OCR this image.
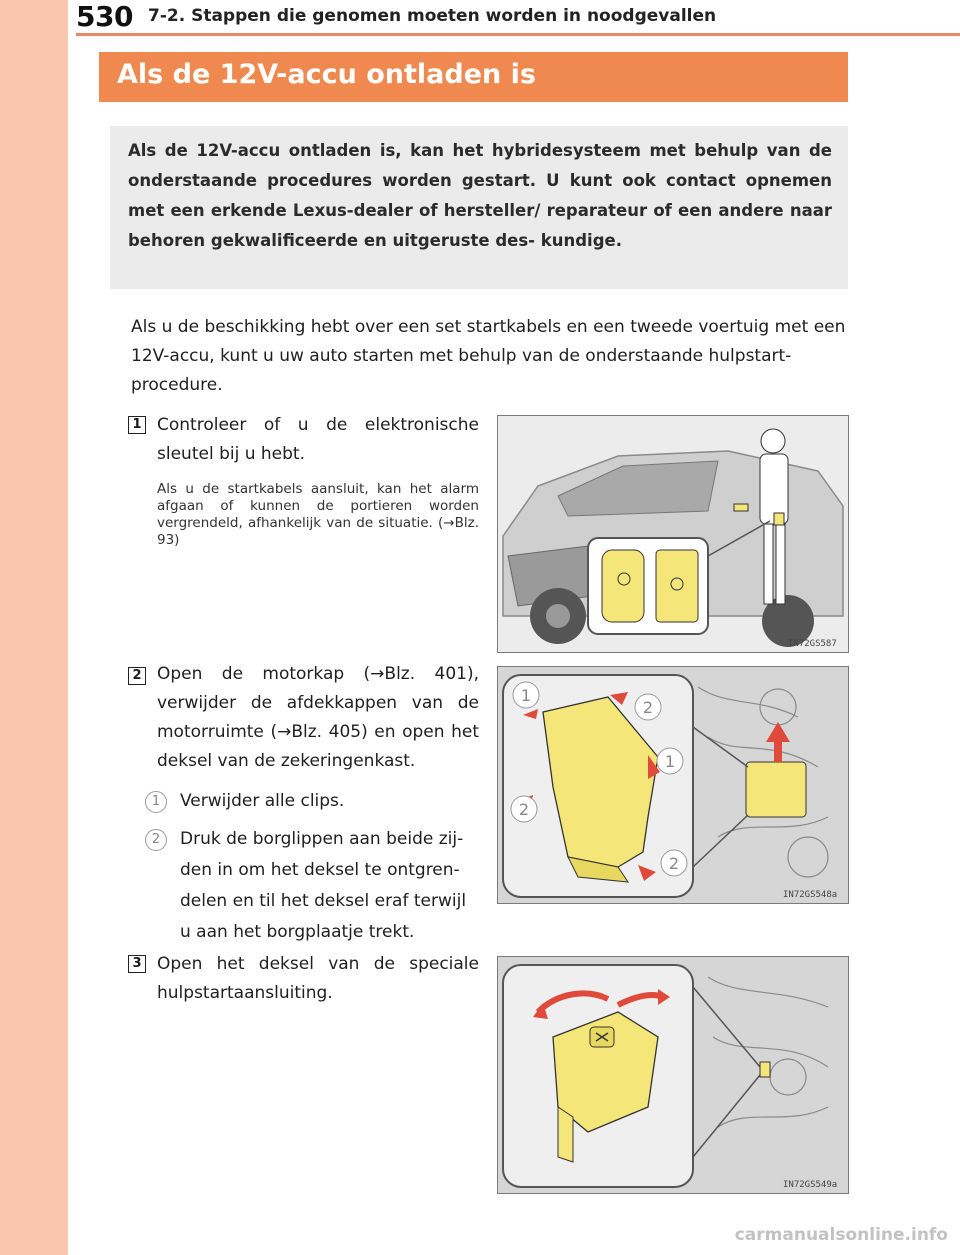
530 7-2. Stappen die genomen moeten worden in noodgevallen
Als de 12V-accu ontladen is
Als de 12V-accu ontladen is, kan het hybridesysteem met behulp van de onderstaande procedures worden gestart. U kunt ook contact opnemen met een erkende Lexus-dealer of hersteller/ reparateur of een andere naar behoren gekwalificeerde en uitgeruste des- kundige.
Als u de beschikking hebt over een set startkabels en een tweede voertuig met een 12V-accu, kunt u uw auto starten met behulp van de onderstaande hulpstart- procedure.
1 Controleer of u de elektronische sleutel bij u hebt.
Als u de startkabels aansluit, kan het alarm afgaan of kunnen de portieren worden vergrendeld, afhankelijk van de situatie. (→Blz. 93)
IN72GS587
2 Open de motorkap (→Blz. 401), verwijder de afdekkappen van de motorruimte (→Blz. 405) en open het deksel van de zekeringenkast.
1	Verwijder alle clips.
2	Druk de borglippen aan beide zij- den in om het deksel te ontgren- delen en til het deksel eraf terwijl u aan het borgplaatje trekt.
1
2
1
2
2
IN72GS548a
3 Open het deksel van de speciale hulpstartaansluiting.
IN72GS549a
carmanualsonline.info
